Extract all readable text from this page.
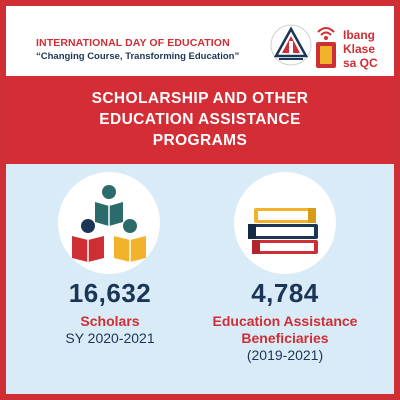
INTERNATIONAL DAY OF EDUCATION
“Changing Course, Transforming Education”
Ibang
Klase
sa QC
SCHOLARSHIP AND OTHER
EDUCATION ASSISTANCE
PROGRAMS
16,632
Scholars
SY 2020-2021
4,784
Education Assistance
Beneficiaries
(2019-2021)
